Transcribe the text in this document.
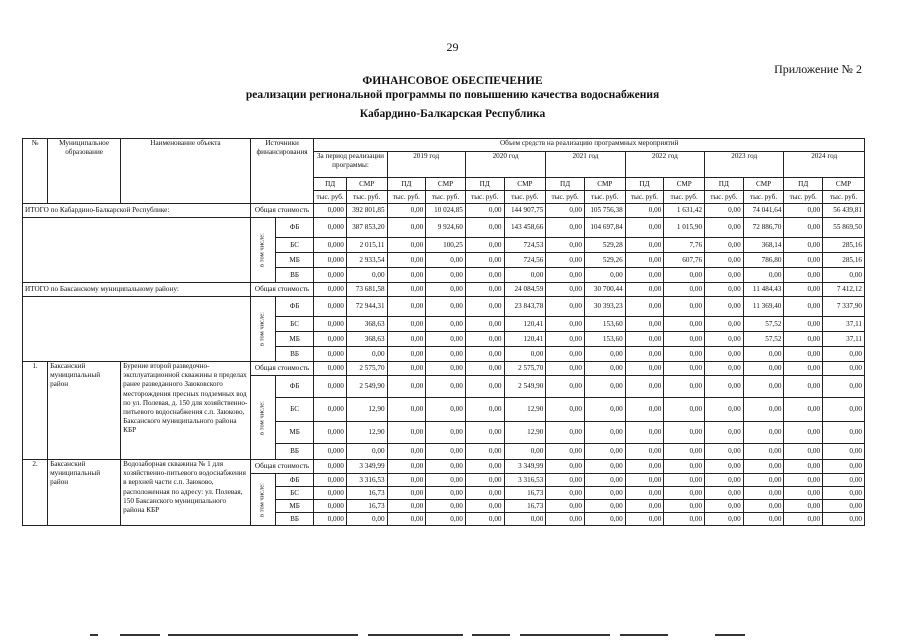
29
Приложение № 2
ФИНАНСОВОЕ ОБЕСПЕЧЕНИЕ
реализации региональной программы по повышению качества водоснабжения
Кабардино-Балкарская Республика
№	Муниципальное образование	Наименование объекта	Источники финансирования		Объем средств на реализацию программных мероприятий													
					За период реализации программы:		2019 год		2020 год		2021 год		2022 год		2023 год		2024 год	
					ПД	СМР	ПД	СМР	ПД	СМР	ПД	СМР	ПД	СМР	ПД	СМР	ПД	СМР
					тыс. руб.	тыс. руб.	тыс. руб.	тыс. руб.	тыс. руб.	тыс. руб.	тыс. руб.	тыс. руб.	тыс. руб.	тыс. руб.	тыс. руб.	тыс. руб.	тыс. руб.	тыс. руб.
ИТОГО по Кабардино-Балкарской Республике:			Общая стоимость		0,000	392 801,85	0,00	10 024,85	0,00	144 907,75	0,00	105 756,38	0,00	1 631,42	0,00	74 041,64	0,00	56 439,81
			в том числе:	ФБ	0,000	387 853,20	0,00	9 924,60	0,00	143 458,66	0,00	104 697,84	0,00	1 015,90	0,00	72 886,70	0,00	55 869,50
				БС	0,000	2 015,11	0,00	100,25	0,00	724,53	0,00	529,28	0,00	7,76	0,00	368,14	0,00	285,16
				МБ	0,000	2 933,54	0,00	0,00	0,00	724,56	0,00	529,26	0,00	607,76	0,00	786,80	0,00	285,16
				ВБ	0,000	0,00	0,00	0,00	0,00	0,00	0,00	0,00	0,00	0,00	0,00	0,00	0,00	0,00
ИТОГО по Баксанскому муниципальному району:			Общая стоимость		0,000	73 681,58	0,00	0,00	0,00	24 084,59	0,00	30 700,44	0,00	0,00	0,00	11 484,43	0,00	7 412,12
			в том числе:	ФБ	0,000	72 944,31	0,00	0,00	0,00	23 843,78	0,00	30 393,23	0,00	0,00	0,00	11 369,40	0,00	7 337,90
				БС	0,000	368,63	0,00	0,00	0,00	120,41	0,00	153,60	0,00	0,00	0,00	57,52	0,00	37,11
				МБ	0,000	368,63	0,00	0,00	0,00	120,41	0,00	153,60	0,00	0,00	0,00	57,52	0,00	37,11
				ВБ	0,000	0,00	0,00	0,00	0,00	0,00	0,00	0,00	0,00	0,00	0,00	0,00	0,00	0,00
1.	Баксанский муниципальный район	Бурение второй разведочно-эксплуатационной скважины в пределах ранее разведанного Заюковского месторождения пресных подземных вод по ул. Полевая, д. 150 для хозяйственно-питьевого водоснабжения с.п. Заюково, Баксанского муниципального района КБР	Общая стоимость		0,000	2 575,70	0,00	0,00	0,00	2 575,70	0,00	0,00	0,00	0,00	0,00	0,00	0,00	0,00
			в том числе:	ФБ	0,000	2 549,90	0,00	0,00	0,00	2 549,90	0,00	0,00	0,00	0,00	0,00	0,00	0,00	0,00
				БС	0,000	12,90	0,00	0,00	0,00	12,90	0,00	0,00	0,00	0,00	0,00	0,00	0,00	0,00
				МБ	0,000	12,90	0,00	0,00	0,00	12,90	0,00	0,00	0,00	0,00	0,00	0,00	0,00	0,00
				ВБ	0,000	0,00	0,00	0,00	0,00	0,00	0,00	0,00	0,00	0,00	0,00	0,00	0,00	0,00
2.	Баксанский муниципальный район	Водозаборная скважина № 1 для хозяйственно-питьевого водоснабжения в верхней части с.п. Заюково, расположенная по адресу: ул. Полевая, 150 Баксанского муниципального района КБР	Общая стоимость		0,000	3 349,99	0,00	0,00	0,00	3 349,99	0,00	0,00	0,00	0,00	0,00	0,00	0,00	0,00
			в том числе:	ФБ	0,000	3 316,53	0,00	0,00	0,00	3 316,53	0,00	0,00	0,00	0,00	0,00	0,00	0,00	0,00
				БС	0,000	16,73	0,00	0,00	0,00	16,73	0,00	0,00	0,00	0,00	0,00	0,00	0,00	0,00
				МБ	0,000	16,73	0,00	0,00	0,00	16,73	0,00	0,00	0,00	0,00	0,00	0,00	0,00	0,00
				ВБ	0,000	0,00	0,00	0,00	0,00	0,00	0,00	0,00	0,00	0,00	0,00	0,00	0,00	0,00
